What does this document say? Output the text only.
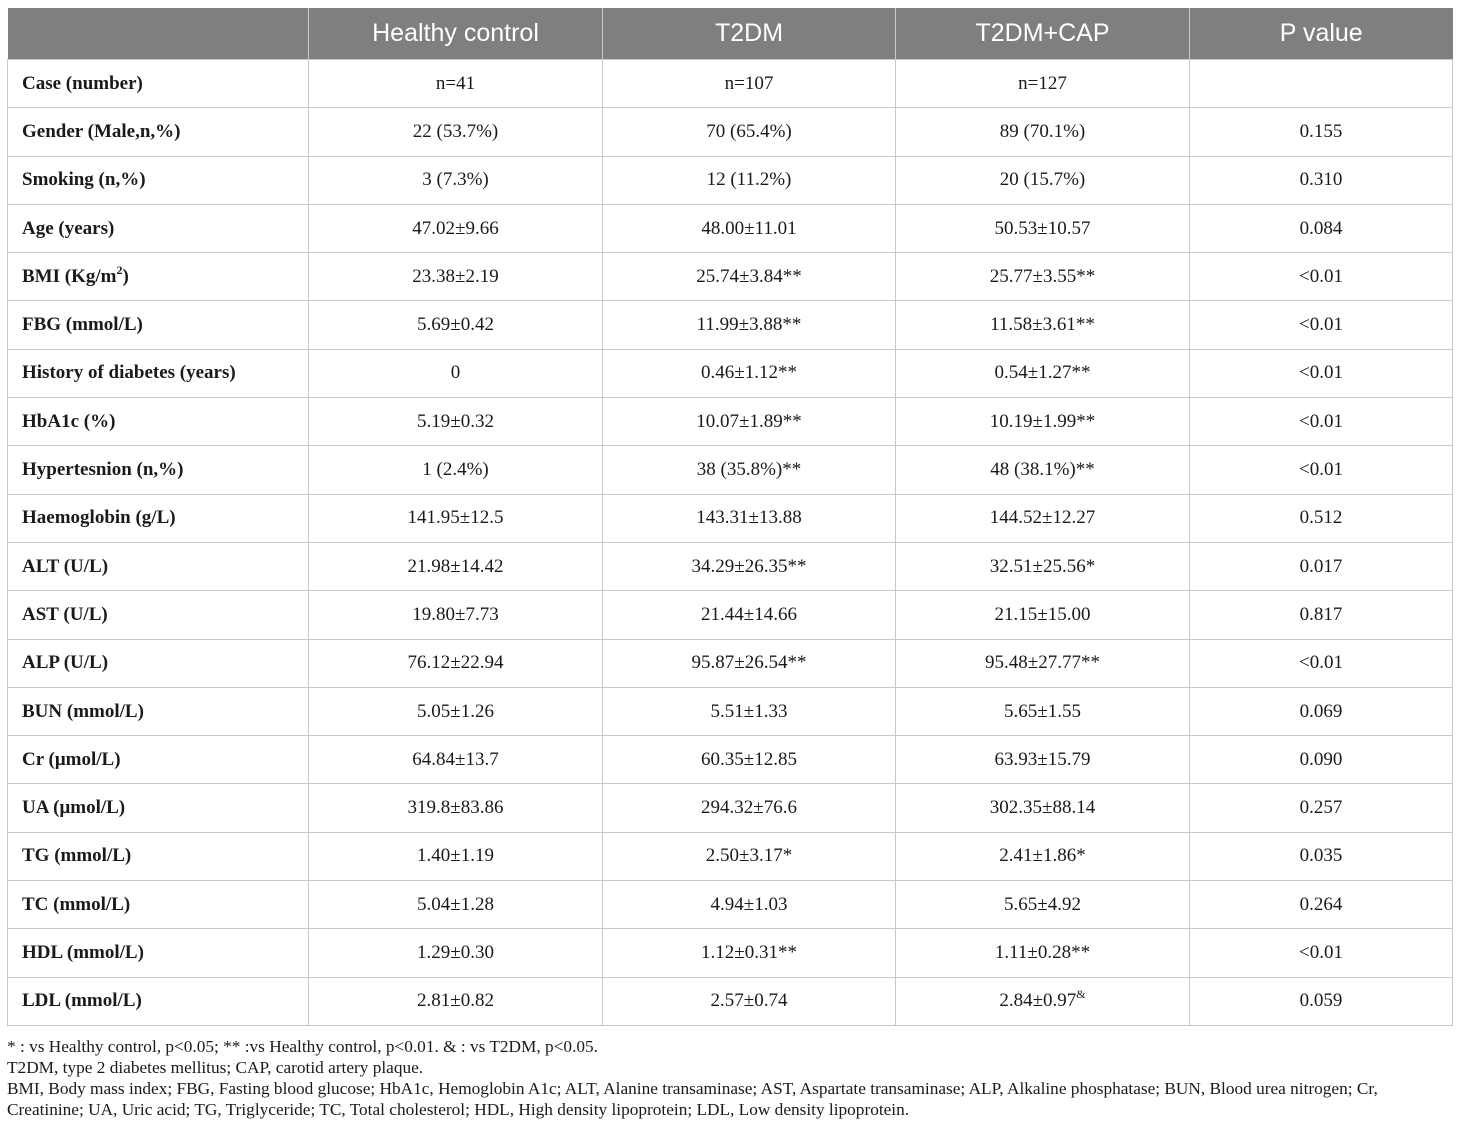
	Healthy control	T2DM	T2DM+CAP	P value
Case (number)	n=41	n=107	n=127	
Gender (Male,n,%)	22 (53.7%)	70 (65.4%)	89 (70.1%)	0.155
Smoking (n,%)	3 (7.3%)	12 (11.2%)	20 (15.7%)	0.310
Age (years)	47.02±9.66	48.00±11.01	50.53±10.57	0.084
BMI $(Kg/m^2)$	23.38±2.19	25.74±3.84**	25.77±3.55**	<0.01
FBG (mmol/L)	5.69±0.42	11.99±3.88**	11.58±3.61**	<0.01
History of diabetes (years)	0	0.46±1.12**	0.54±1.27**	<0.01
HbA1c (%)	5.19±0.32	10.07±1.89**	10.19±1.99**	<0.01
Hypertesnion (n,%)	1 (2.4%)	38 (35.8%)**	48 (38.1%)**	<0.01
Haemoglobin (g/L)	141.95±12.5	143.31±13.88	144.52±12.27	0.512
ALT (U/L)	21.98±14.42	34.29±26.35**	32.51±25.56*	0.017
AST (U/L)	19.80±7.73	21.44±14.66	21.15±15.00	0.817
ALP (U/L)	76.12±22.94	95.87±26.54**	95.48±27.77**	<0.01
BUN (mmol/L)	5.05±1.26	5.51±1.33	5.65±1.55	0.069
Cr (μmol/L)	64.84±13.7	60.35±12.85	63.93±15.79	0.090
UA (μmol/L)	319.8±83.86	294.32±76.6	302.35±88.14	0.257
TG (mmol/L)	1.40±1.19	2.50±3.17*	2.41±1.86*	0.035
TC (mmol/L)	5.04±1.28	4.94±1.03	5.65±4.92	0.264
HDL (mmol/L)	1.29±0.30	1.12±0.31**	1.11±0.28**	<0.01
LDL (mmol/L)	2.81±0.82	2.57±0.74	2.84±0.97&	0.059

* : vs Healthy control, p<0.05; ** :vs Healthy control, p<0.01. & : vs T2DM, p<0.05.

T2DM, type 2 diabetes mellitus; CAP, carotid artery plaque.

BMI, Body mass index; FBG, Fasting blood glucose; HbA1c, Hemoglobin A1c; ALT, Alanine transaminase; AST, Aspartate transaminase; ALP, Alkaline phosphatase; BUN, Blood urea nitrogen; Cr, Creatinine; UA, Uric acid; TG, Triglyceride; TC, Total cholesterol; HDL, High density lipoprotein; LDL, Low density lipoprotein.
